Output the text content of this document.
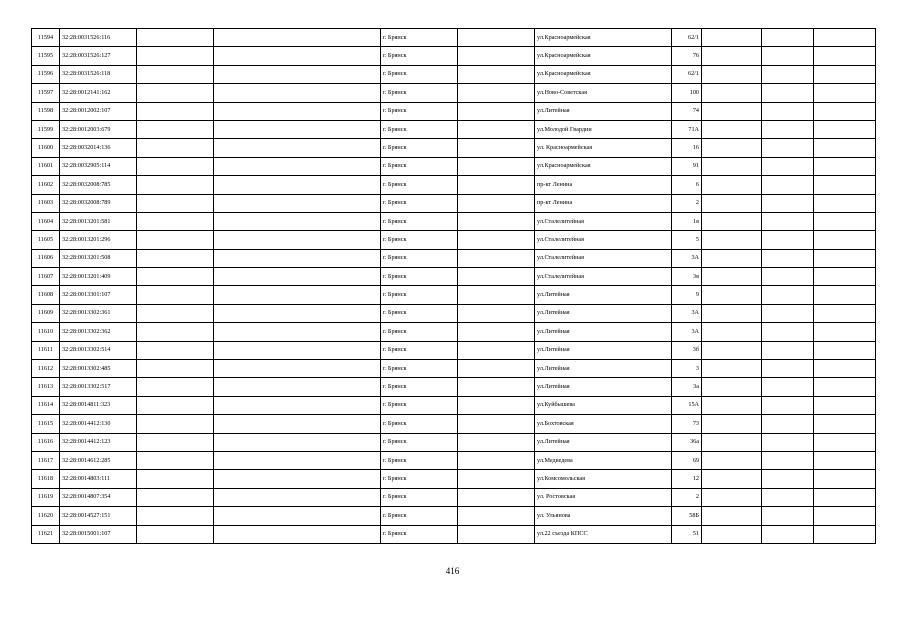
11594	32:28:0031526:116			г. Брянск		ул.Красноармейская	62/1			
11595	32:28:0031526:127			г. Брянск		ул.Красноармейская	76			
11596	32:28:0031526:118			г. Брянск		ул.Красноармейская	62/1			
11597	32:28:0012141:162			г. Брянск		ул.Ново-Советская	100			
11598	32:28:0012002:107			г. Брянск		ул.Литейная	74			
11599	32:28:0012003:679			г. Брянск		ул.Молодой Гвардии	71А			
11600	32:28:0032014:136			г. Брянск		ул. Красноармейская	16			
11601	32:28:0032905:114			г. Брянск		ул.Красноармейская	91			
11602	32:28:0032008:785			г. Брянск		пр-кт Ленина	6			
11603	32:28:0032008:789			г. Брянск		пр-кт Ленина	2			
11604	32:28:0013201:581			г. Брянск		ул.Сталелитейная	1в			
11605	32:28:0013201:296			г. Брянск		ул.Сталелитейная	5			
11606	32:28:0013201:508			г. Брянск		ул.Сталелитейная	3А			
11607	32:28:0013201:409			г. Брянск		ул.Сталелитейная	3в			
11608	32:28:0013301:107			г. Брянск		ул.Литейная	9			
11609	32:28:0013302:361			г. Брянск		ул.Литейная	3А			
11610	32:28:0013302:362			г. Брянск		ул.Литейная	3А			
11611	32:28:0013302:514			г. Брянск		ул.Литейная	3б			
11612	32:28:0013302:485			г. Брянск		ул.Литейная	3			
11613	32:28:0013302:517			г. Брянск		ул.Литейная	3а			
11614	32:28:0014811:323			г. Брянск		ул.Куйбышева	15А			
11615	32:28:0014412:130			г. Брянск		ул.Бохтовская	73			
11616	32:28:0014412:123			г. Брянск		ул.Литейная	36а			
11617	32:28:0014612:285			г. Брянск		ул.Медведева	69			
11618	32:28:0014803:111			г. Брянск		ул.Комсомольская	12			
11619	32:28:0014807:354			г. Брянск		ул. Ростовская	2			
11620	32:28:0014527:151			г. Брянск		ул. Ульянова	58Б			
11621	32:28:0015001:107			г. Брянск		ул.22 съезда КПСС	51			
416
